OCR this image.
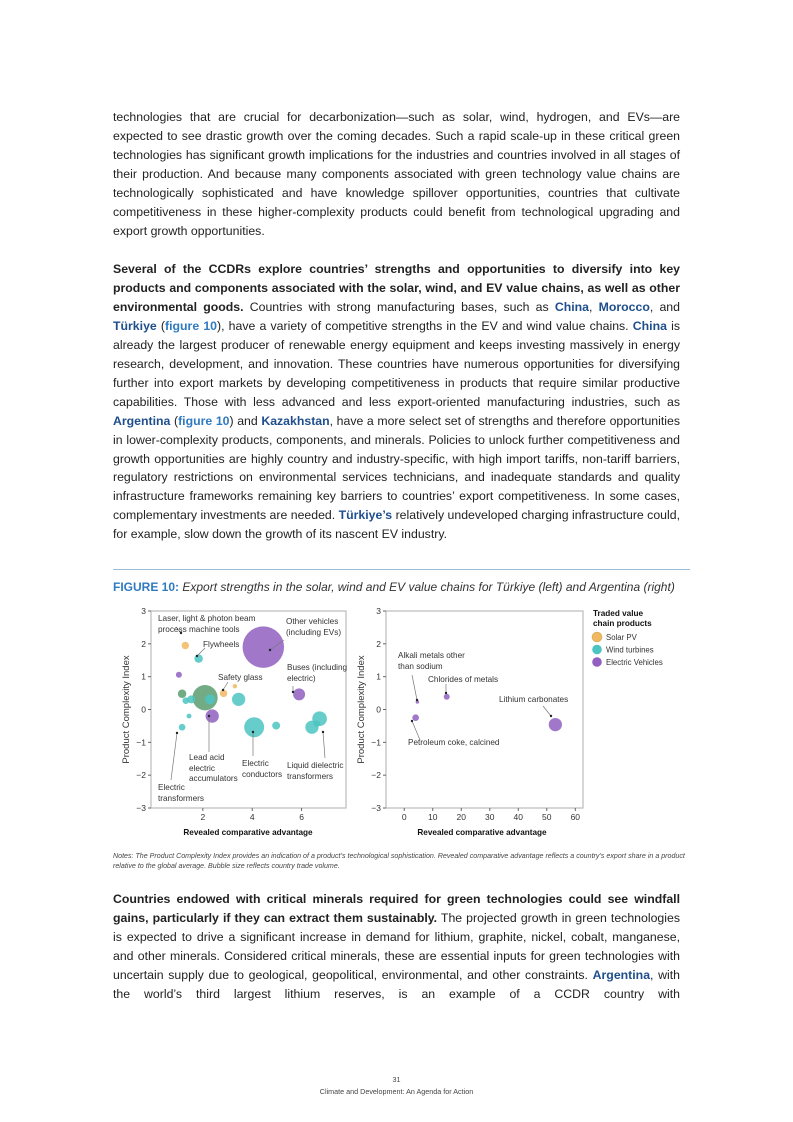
technologies that are crucial for decarbonization—such as solar, wind, hydrogen, and EVs—are expected to see drastic growth over the coming decades. Such a rapid scale-up in these critical green technologies has significant growth implications for the industries and countries involved in all stages of their production. And because many components associated with green technology value chains are technologically sophisticated and have knowledge spillover opportunities, countries that cultivate competitiveness in these higher-complexity products could benefit from technological upgrading and export growth opportunities.

Several of the CCDRs explore countries’ strengths and opportunities to diversify into key products and components associated with the solar, wind, and EV value chains, as well as other environmental goods. Countries with strong manufacturing bases, such as China, Morocco, and Türkiye (figure 10), have a variety of competitive strengths in the EV and wind value chains. China is already the largest producer of renewable energy equipment and keeps investing massively in energy research, development, and innovation. These countries have numerous opportunities for diversifying further into export markets by developing competitiveness in products that require similar productive capabilities. Those with less advanced and less export-oriented manufacturing industries, such as Argentina (figure 10) and Kazakhstan, have a more select set of strengths and therefore opportunities in lower-complexity products, components, and minerals. Policies to unlock further competitiveness and growth opportunities are highly country and industry-specific, with high import tariffs, non-tariff barriers, regulatory restrictions on environmental services technicians, and inadequate standards and quality infrastructure frameworks remaining key barriers to countries’ export competitiveness. In some cases, complementary investments are needed. Türkiye’s relatively undeveloped charging infrastructure could, for example, slow down the growth of its nascent EV industry.

FIGURE 10: Export strengths in the solar, wind and EV value chains for Türkiye (left) and Argentina (right)
3
2
1
0
−1
−2
−3
2	4	6
Product Complexity Index
Revealed comparative advantage
3
2
1
0
−1
−2
−3
0	10 20 30 40 50 60
Product Complexity Index
Revealed comparative advantage
Traded value chain products
Solar PV
Wind turbines
Electric Vehicles
Laser, light & photon beam
process machine tools
Other vehicles
(including EVs)
Flywheels
Buses (including
electric)
Safety glass
Lead acid
electric
accumulators
Electric
conductors
Liquid dielectric
transformers
Electric
transformers
Alkali metals other
than sodium
Chlorides of metals
Lithium carbonates
Petroleum coke, calcined
Notes: The Product Complexity Index provides an indication of a product’s technological sophistication. Revealed comparative advantage reflects a country’s export share in a product relative to the global average. Bubble size reflects country trade volume.

Countries endowed with critical minerals required for green technologies could see windfall gains, particularly if they can extract them sustainably. The projected growth in green technologies is expected to drive a significant increase in demand for lithium, graphite, nickel, cobalt, manganese, and other minerals. Considered critical minerals, these are essential inputs for green technologies with uncertain supply due to geological, geopolitical, environmental, and other constraints. Argentina, with the world’s third largest lithium reserves, is an example of a CCDR country with

31
Climate and Development: An Agenda for Action
